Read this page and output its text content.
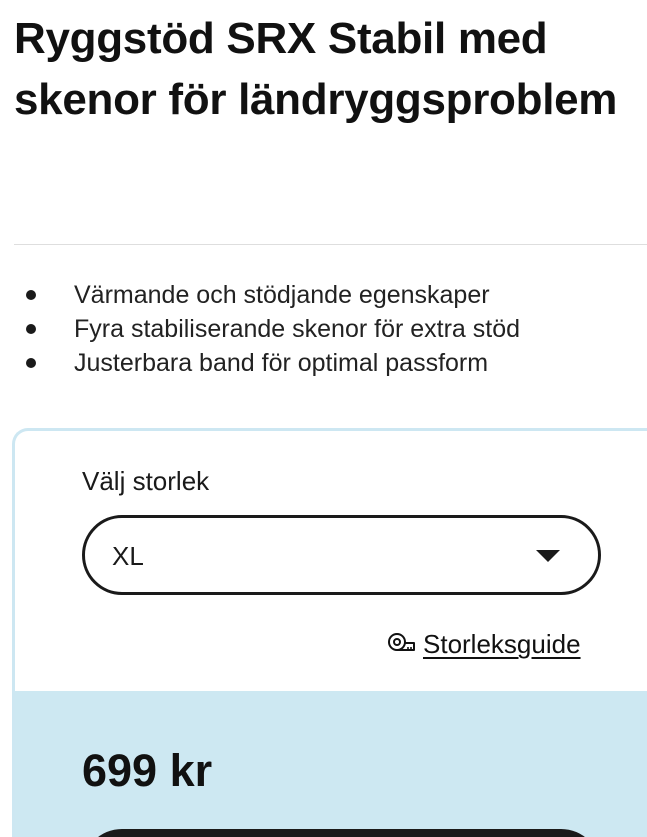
Ryggstöd SRX Stabil med skenor för ländryggsproblem
Värmande och stödjande egenskaper
Fyra stabiliserande skenor för extra stöd
Justerbara band för optimal passform
Välj storlek
XL
Storleksguide
699 kr
